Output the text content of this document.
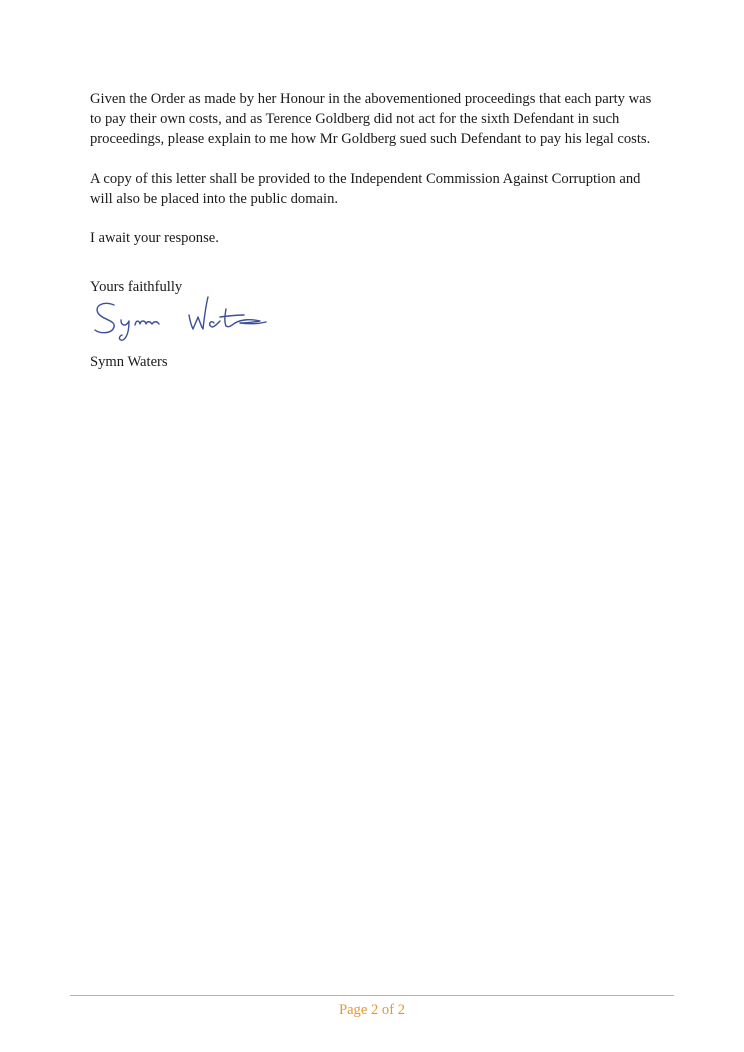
Given the Order as made by her Honour in the abovementioned proceedings that each party was to pay their own costs, and as Terence Goldberg did not act for the sixth Defendant in such proceedings, please explain to me how Mr Goldberg sued such Defendant to pay his legal costs.

A copy of this letter shall be provided to the Independent Commission Against Corruption and will also be placed into the public domain.

I await your response.

Yours faithfully
Symn Waters
Page 2 of 2
